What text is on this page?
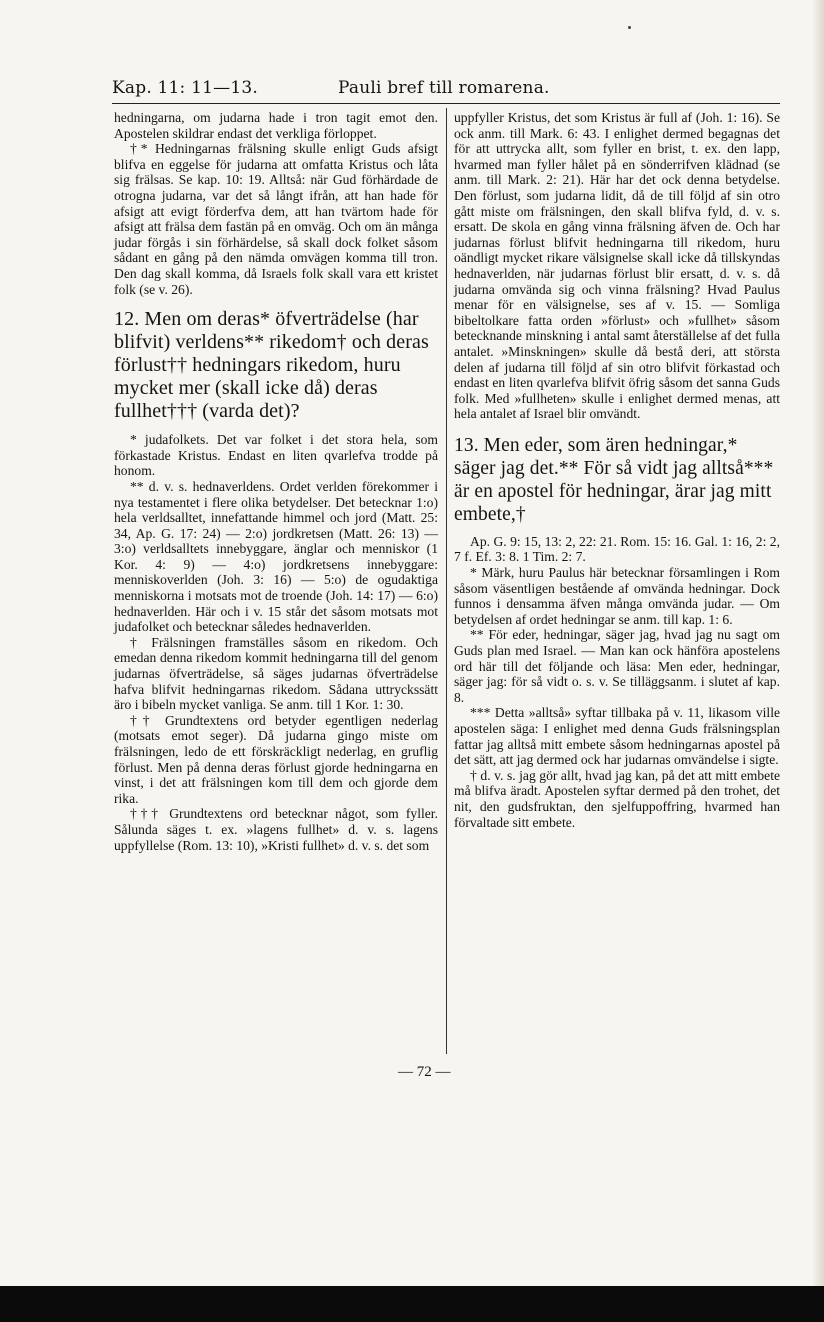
Kap. 11: 11—13.	Pauli bref till romarena.

hedningarna, om judarna hade i tron tagit emot den. Apostelen skildrar endast det verkliga förloppet.

†* Hedningarnas frälsning skulle enligt Guds afsigt blifva en eggelse för judarna att omfatta Kristus och låta sig frälsas. Se kap. 10: 19. Alltså: när Gud förhärdade de otrogna judarna, var det så långt ifrån, att han hade för afsigt att evigt förderfva dem, att han tvärtom hade för afsigt att frälsa dem fastän på en omväg. Och om än många judar förgås i sin förhärdelse, så skall dock folket såsom sådant en gång på den nämda omvägen komma till tron. Den dag skall komma, då Israels folk skall vara ett kristet folk (se v. 26).

12. Men om deras* öfverträdelse (har blifvit) verldens** rikedom† och deras förlust†† hedningars rikedom, huru mycket mer (skall icke då) deras fullhet††† (varda det)?

* judafolkets. Det var folket i det stora hela, som förkastade Kristus. Endast en liten qvarlefva trodde på honom.

** d. v. s. hednaverldens. Ordet verlden förekommer i nya testamentet i flere olika betydelser. Det betecknar 1:o) hela verldsalltet, innefattande himmel och jord (Matt. 25: 34, Ap. G. 17: 24) — 2:o) jordkretsen (Matt. 26: 13) — 3:o) verldsalltets innebyggare, änglar och menniskor (1 Kor. 4: 9) — 4:o) jordkretsens innebyggare: menniskoverlden (Joh. 3: 16) — 5:o) de ogudaktiga menniskorna i motsats mot de troende (Joh. 14: 17) — 6:o) hednaverlden. Här och i v. 15 står det såsom motsats mot judafolket och betecknar således hednaverlden.

† Frälsningen framställes såsom en rikedom. Och emedan denna rikedom kommit hedningarna till del genom judarnas öfverträdelse, så säges judarnas öfverträdelse hafva blifvit hedningarnas rikedom. Sådana uttryckssätt äro i bibeln mycket vanliga. Se anm. till 1 Kor. 1: 30.

†† Grundtextens ord betyder egentligen nederlag (motsats emot seger). Då judarna gingo miste om frälsningen, ledo de ett förskräckligt nederlag, en gruflig förlust. Men på denna deras förlust gjorde hedningarna en vinst, i det att frälsningen kom till dem och gjorde dem rika.

††† Grundtextens ord betecknar något, som fyller. Sålunda säges t. ex. »lagens fullhet» d. v. s. lagens uppfyllelse (Rom. 13: 10), »Kristi fullhet» d. v. s. det som

uppfyller Kristus, det som Kristus är full af (Joh. 1: 16). Se ock anm. till Mark. 6: 43. I enlighet dermed begagnas det för att uttrycka allt, som fyller en brist, t. ex. den lapp, hvarmed man fyller hålet på en sönderrifven klädnad (se anm. till Mark. 2: 21). Här har det ock denna betydelse. Den förlust, som judarna lidit, då de till följd af sin otro gått miste om frälsningen, den skall blifva fyld, d. v. s. ersatt. De skola en gång vinna frälsning äfven de. Och har judarnas förlust blifvit hedningarna till rikedom, huru oändligt mycket rikare välsignelse skall icke då tillskyndas hednaverlden, när judarnas förlust blir ersatt, d. v. s. då judarna omvända sig och vinna frälsning? Hvad Paulus menar för en välsignelse, ses af v. 15. — Somliga bibeltolkare fatta orden »förlust» och »fullhet» såsom betecknande minskning i antal samt återställelse af det fulla antalet. »Minskningen» skulle då bestå deri, att största delen af judarna till följd af sin otro blifvit förkastad och endast en liten qvarlefva blifvit öfrig såsom det sanna Guds folk. Med »fullheten» skulle i enlighet dermed menas, att hela antalet af Israel blir omvändt.

13. Men eder, som ären hedningar,* säger jag det.** För så vidt jag alltså*** är en apostel för hedningar, ärar jag mitt embete,†

Ap. G. 9: 15, 13: 2, 22: 21. Rom. 15: 16. Gal. 1: 16, 2: 2, 7 f. Ef. 3: 8. 1 Tim. 2: 7.

* Märk, huru Paulus här betecknar församlingen i Rom såsom väsentligen bestående af omvända hedningar. Dock funnos i densamma äfven många omvända judar. — Om betydelsen af ordet hedningar se anm. till kap. 1: 6.

** För eder, hedningar, säger jag, hvad jag nu sagt om Guds plan med Israel. — Man kan ock hänföra apostelens ord här till det följande och läsa: Men eder, hedningar, säger jag: för så vidt o. s. v. Se tilläggsanm. i slutet af kap. 8.

*** Detta »alltså» syftar tillbaka på v. 11, likasom ville apostelen säga: I enlighet med denna Guds frälsningsplan fattar jag alltså mitt embete såsom hedningarnas apostel på det sätt, att jag dermed ock har judarnas omvändelse i sigte.

† d. v. s. jag gör allt, hvad jag kan, på det att mitt embete må blifva äradt. Apostelen syftar dermed på den trohet, det nit, den gudsfruktan, den sjelfuppoffring, hvarmed han förvaltade sitt embete.

— 72 —
